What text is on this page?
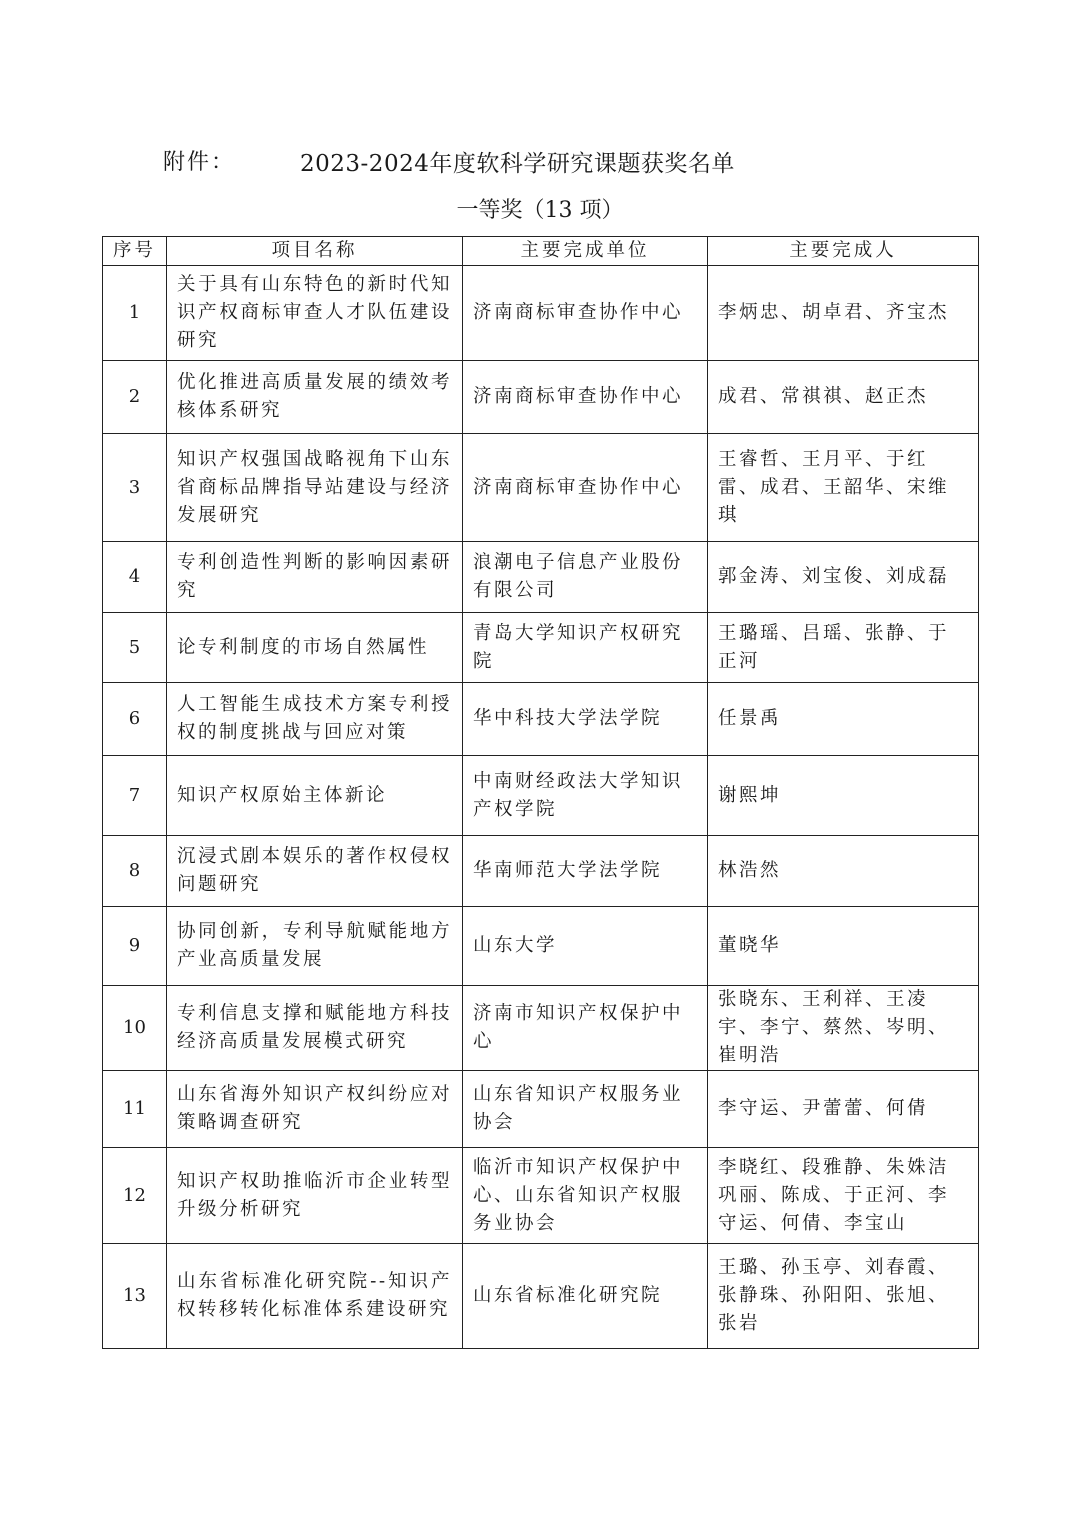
附件：	2023-2024年度软科学研究课题获奖名单
一等奖（13 项）
序号	项目名称	主要完成单位	主要完成人
1	关于具有山东特色的新时代知识产权商标审查人才队伍建设研究	济南商标审查协作中心	李炳忠、胡卓君、齐宝杰
2	优化推进高质量发展的绩效考核体系研究	济南商标审查协作中心	成君、常祺祺、赵正杰
3	知识产权强国战略视角下山东省商标品牌指导站建设与经济发展研究	济南商标审查协作中心	王睿哲、王月平、于红雷、成君、王韶华、宋维琪
4	专利创造性判断的影响因素研究	浪潮电子信息产业股份有限公司	郭金涛、刘宝俊、刘成磊
5	论专利制度的市场自然属性	青岛大学知识产权研究院	王璐瑶、吕瑶、张静、于正河
6	人工智能生成技术方案专利授权的制度挑战与回应对策	华中科技大学法学院	任景禹
7	知识产权原始主体新论	中南财经政法大学知识产权学院	谢熙坤
8	沉浸式剧本娱乐的著作权侵权问题研究	华南师范大学法学院	林浩然
9	协同创新，专利导航赋能地方产业高质量发展	山东大学	董晓华
10	专利信息支撑和赋能地方科技经济高质量发展模式研究	济南市知识产权保护中心	张晓东、王利祥、王凌宇、李宁、蔡然、岑明、崔明浩
11	山东省海外知识产权纠纷应对策略调查研究	山东省知识产权服务业协会	李守运、尹蕾蕾、何倩
12	知识产权助推临沂市企业转型升级分析研究	临沂市知识产权保护中心、山东省知识产权服务业协会	李晓红、段雅静、朱姝洁 巩丽、陈成、于正河、李守运、何倩、李宝山
13	山东省标准化研究院--知识产权转移转化标准体系建设研究	山东省标准化研究院	王璐、孙玉亭、刘春霞、张静珠、孙阳阳、张旭、张岩
